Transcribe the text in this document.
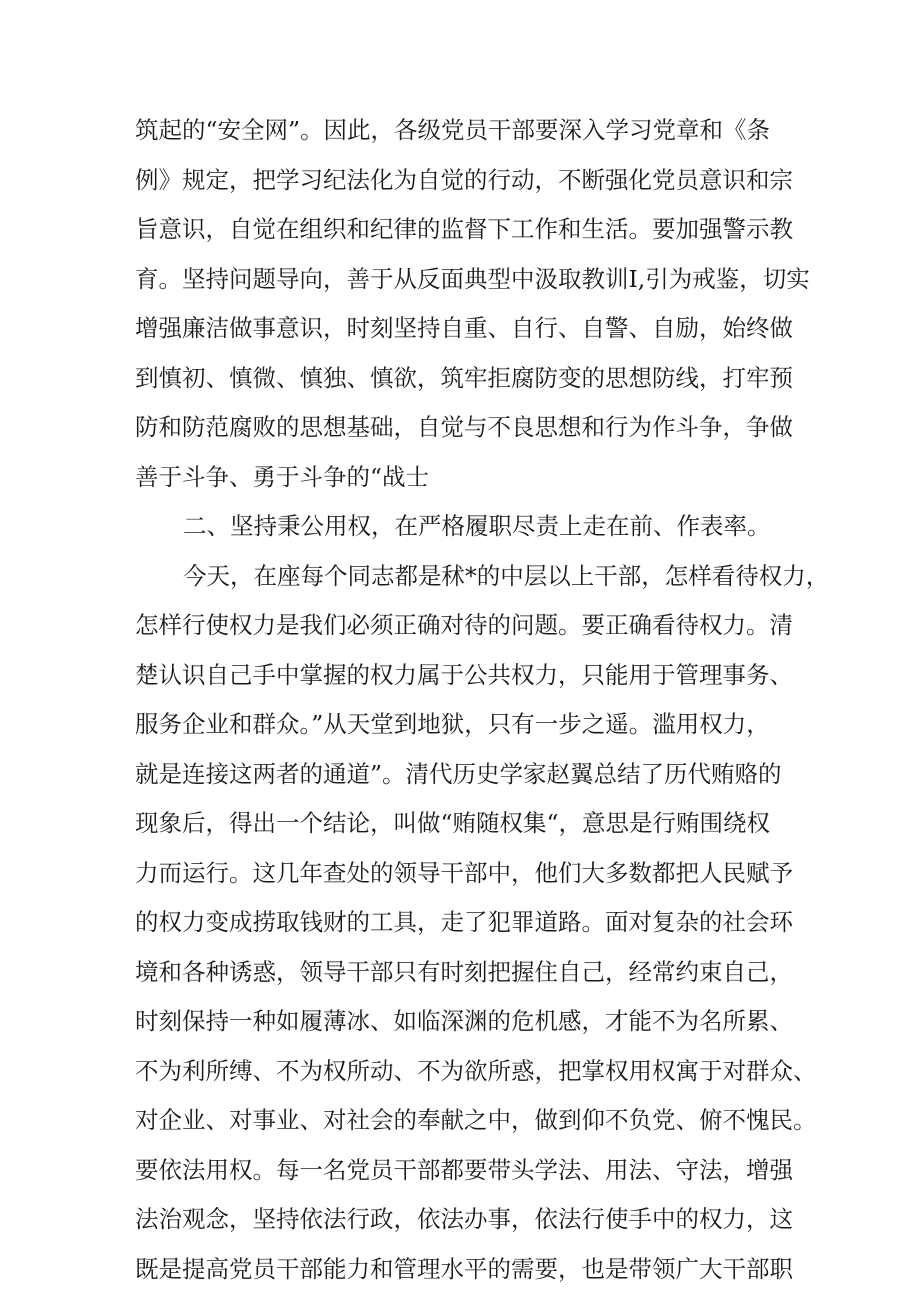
筑起的“安全网”。因此，各级党员干部要深入学习党章和《条
例》规定，把学习纪法化为自觉的行动，不断强化党员意识和宗
旨意识，自觉在组织和纪律的监督下工作和生活。要加强警示教
育。坚持问题导向，善于从反面典型中汲取教训I,引为戒鉴，切实
增强廉洁做事意识，时刻坚持自重、自行、自警、自励，始终做
到慎初、慎微、慎独、慎欲，筑牢拒腐防变的思想防线，打牢预
防和防范腐败的思想基础，自觉与不良思想和行为作斗争，争做
善于斗争、勇于斗争的“战士
二、坚持秉公用权，在严格履职尽责上走在前、作表率。
今天，在座每个同志都是秫*的中层以上干部，怎样看待权力，
怎样行使权力是我们必须正确对待的问题。要正确看待权力。清
楚认识自己手中掌握的权力属于公共权力，只能用于管理事务、
服务企业和群众。”从天堂到地狱，只有一步之遥。滥用权力，
就是连接这两者的通道”。清代历史学家赵翼总结了历代贿赂的
现象后，得出一个结论，叫做“贿随权集“，意思是行贿围绕权
力而运行。这几年查处的领导干部中，他们大多数都把人民赋予
的权力变成捞取钱财的工具，走了犯罪道路。面对复杂的社会环
境和各种诱惑，领导干部只有时刻把握住自己，经常约束自己，
时刻保持一种如履薄冰、如临深渊的危机感，才能不为名所累、
不为利所缚、不为权所动、不为欲所惑，把掌权用权寓于对群众、
对企业、对事业、对社会的奉献之中，做到仰不负党、俯不愧民。
要依法用权。每一名党员干部都要带头学法、用法、守法，增强
法治观念，坚持依法行政，依法办事，依法行使手中的权力，这
既是提高党员干部能力和管理水平的需要，也是带领广大干部职
